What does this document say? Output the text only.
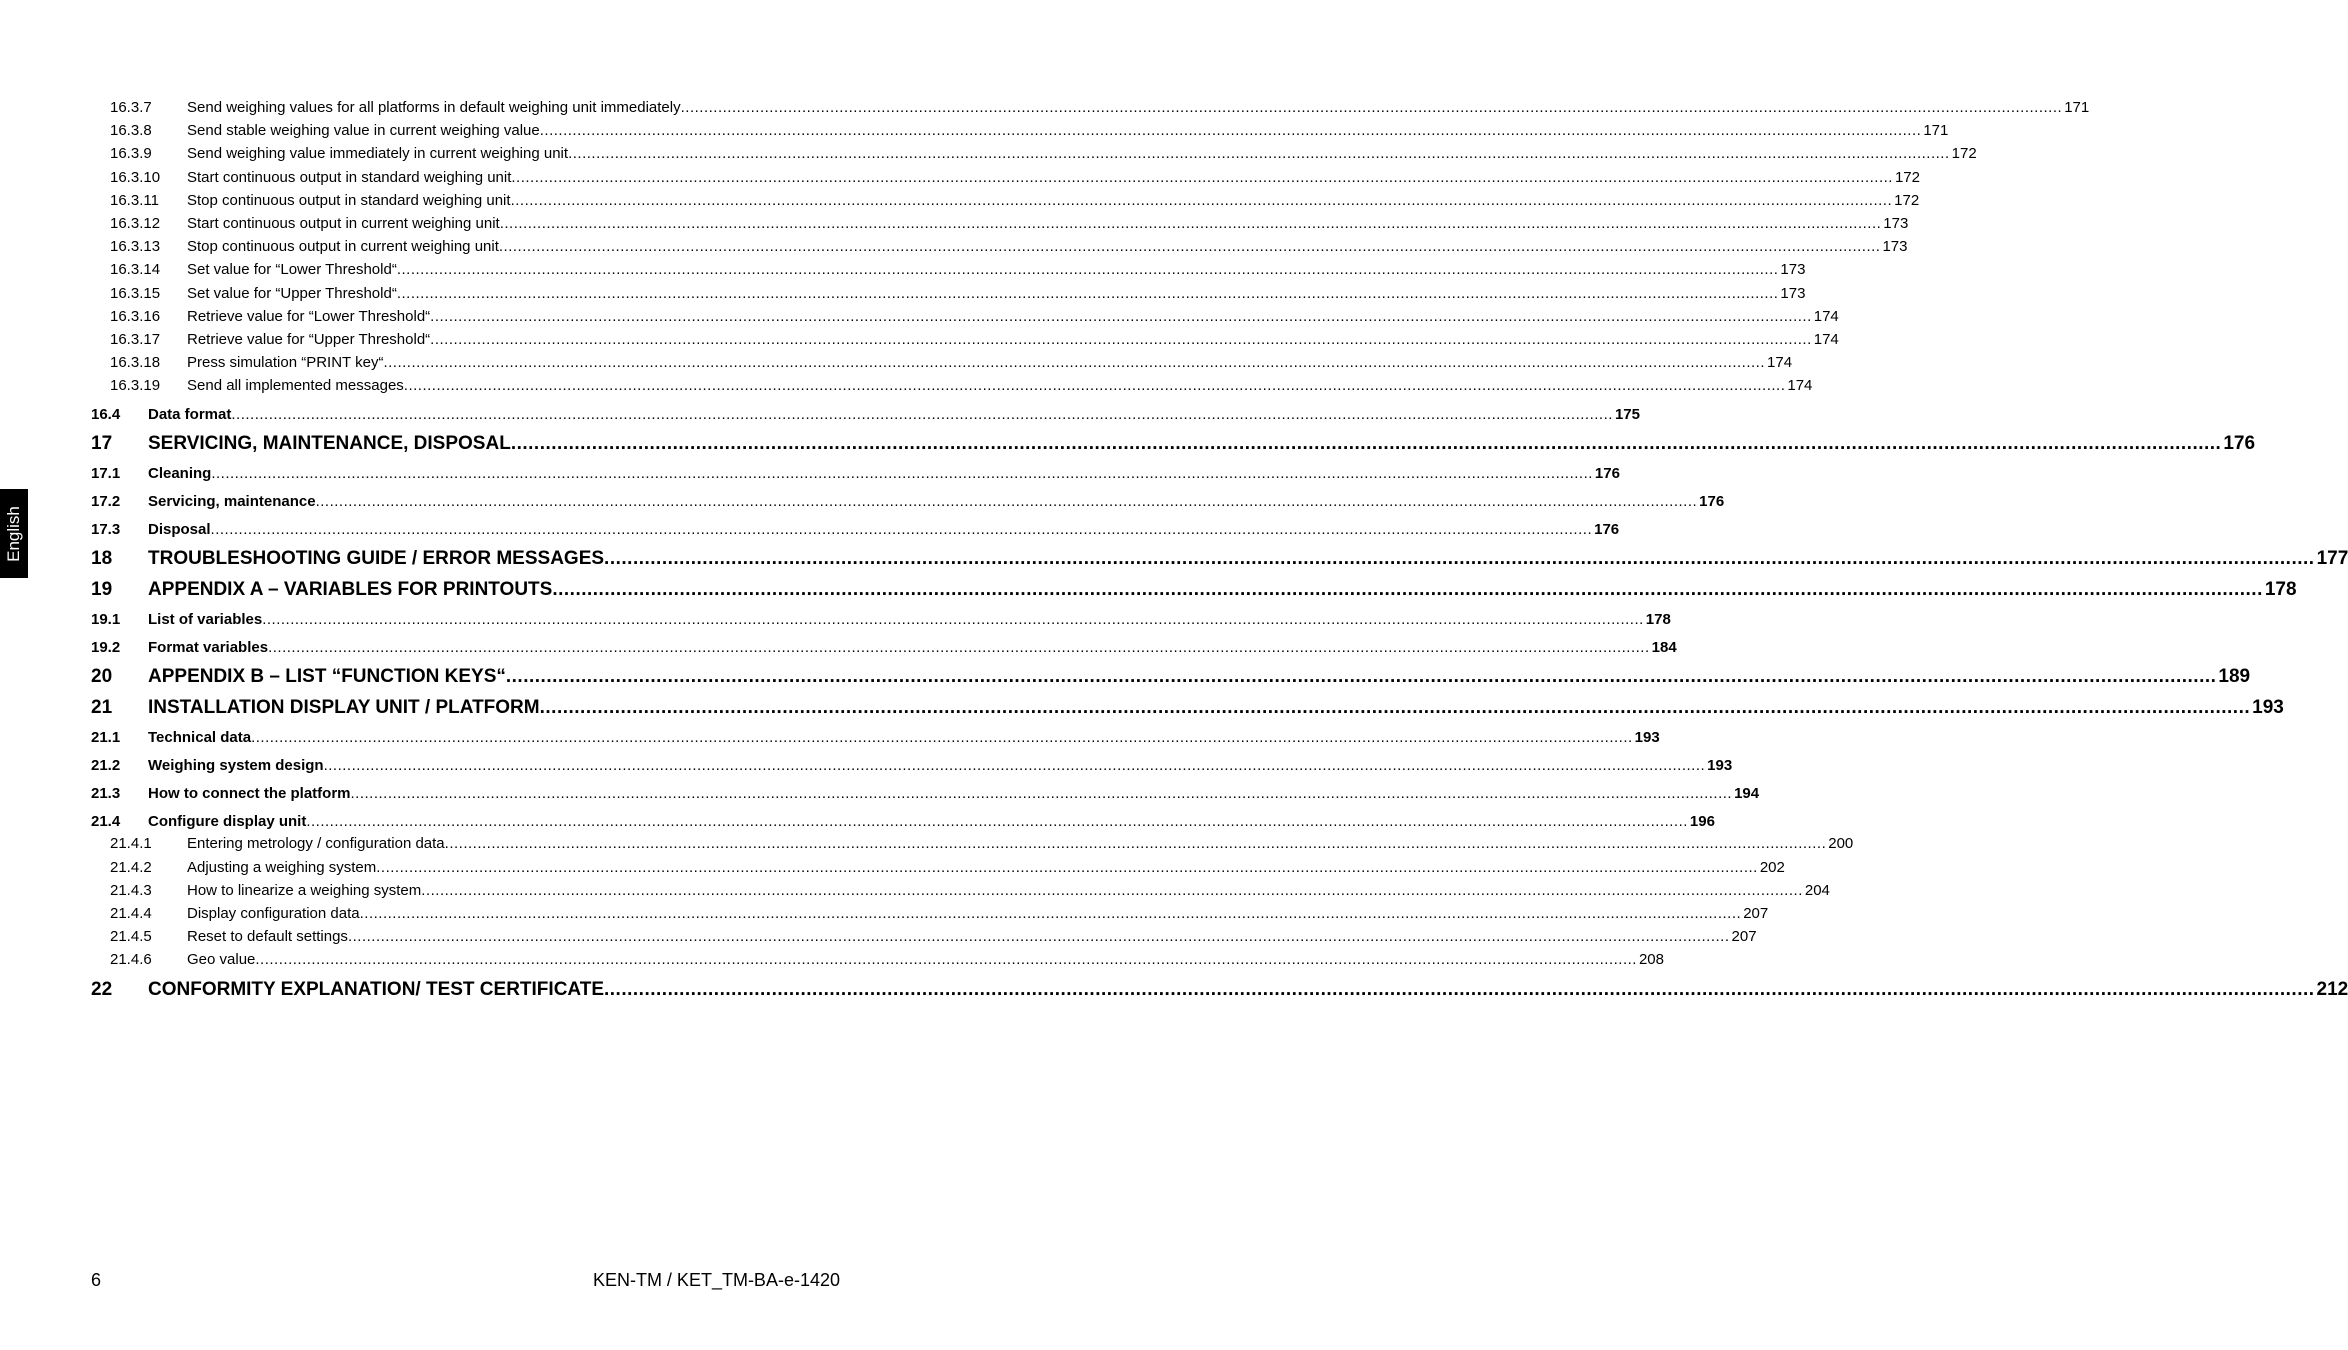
English
16.3.7	Send weighing values for all platforms in default weighing unit immediately .....	171
16.3.8	Send stable weighing value in current weighing value .....	171
16.3.9	Send weighing value immediately in current weighing unit .....	172
16.3.10	Start continuous output in standard weighing unit .....	172
16.3.11	Stop continuous output in standard weighing unit .....	172
16.3.12	Start continuous output in current weighing unit .....	173
16.3.13	Stop continuous output in current weighing unit .....	173
16.3.14	Set value for “Lower Threshold“ .....	173
16.3.15	Set value for “Upper Threshold“ .....	173
16.3.16	Retrieve value for “Lower Threshold“ .....	174
16.3.17	Retrieve value for “Upper Threshold“ .....	174
16.3.18	Press simulation “PRINT key“ .....	174
16.3.19	Send all implemented messages .....	174
16.4	Data format .....	175
17	SERVICING, MAINTENANCE, DISPOSAL .....	176
17.1	Cleaning .....	176
17.2	Servicing, maintenance .....	176
17.3	Disposal .....	176
18	TROUBLESHOOTING GUIDE / ERROR MESSAGES .....	177
19	APPENDIX A – VARIABLES FOR PRINTOUTS .....	178
19.1	List of variables .....	178
19.2	Format variables .....	184
20	APPENDIX B – LIST “FUNCTION KEYS“ .....	189
21	INSTALLATION DISPLAY UNIT / PLATFORM .....	193
21.1	Technical data .....	193
21.2	Weighing system design .....	193
21.3	How to connect the platform .....	194
21.4	Configure display unit .....	196
21.4.1	Entering metrology / configuration data .....	200
21.4.2	Adjusting a weighing system .....	202
21.4.3	How to linearize a weighing system .....	204
21.4.4	Display configuration data .....	207
21.4.5	Reset to default settings .....	207
21.4.6	Geo value .....	208
22	CONFORMITY EXPLANATION/ TEST CERTIFICATE .....	212
6	KEN-TM / KET_TM-BA-e-1420
